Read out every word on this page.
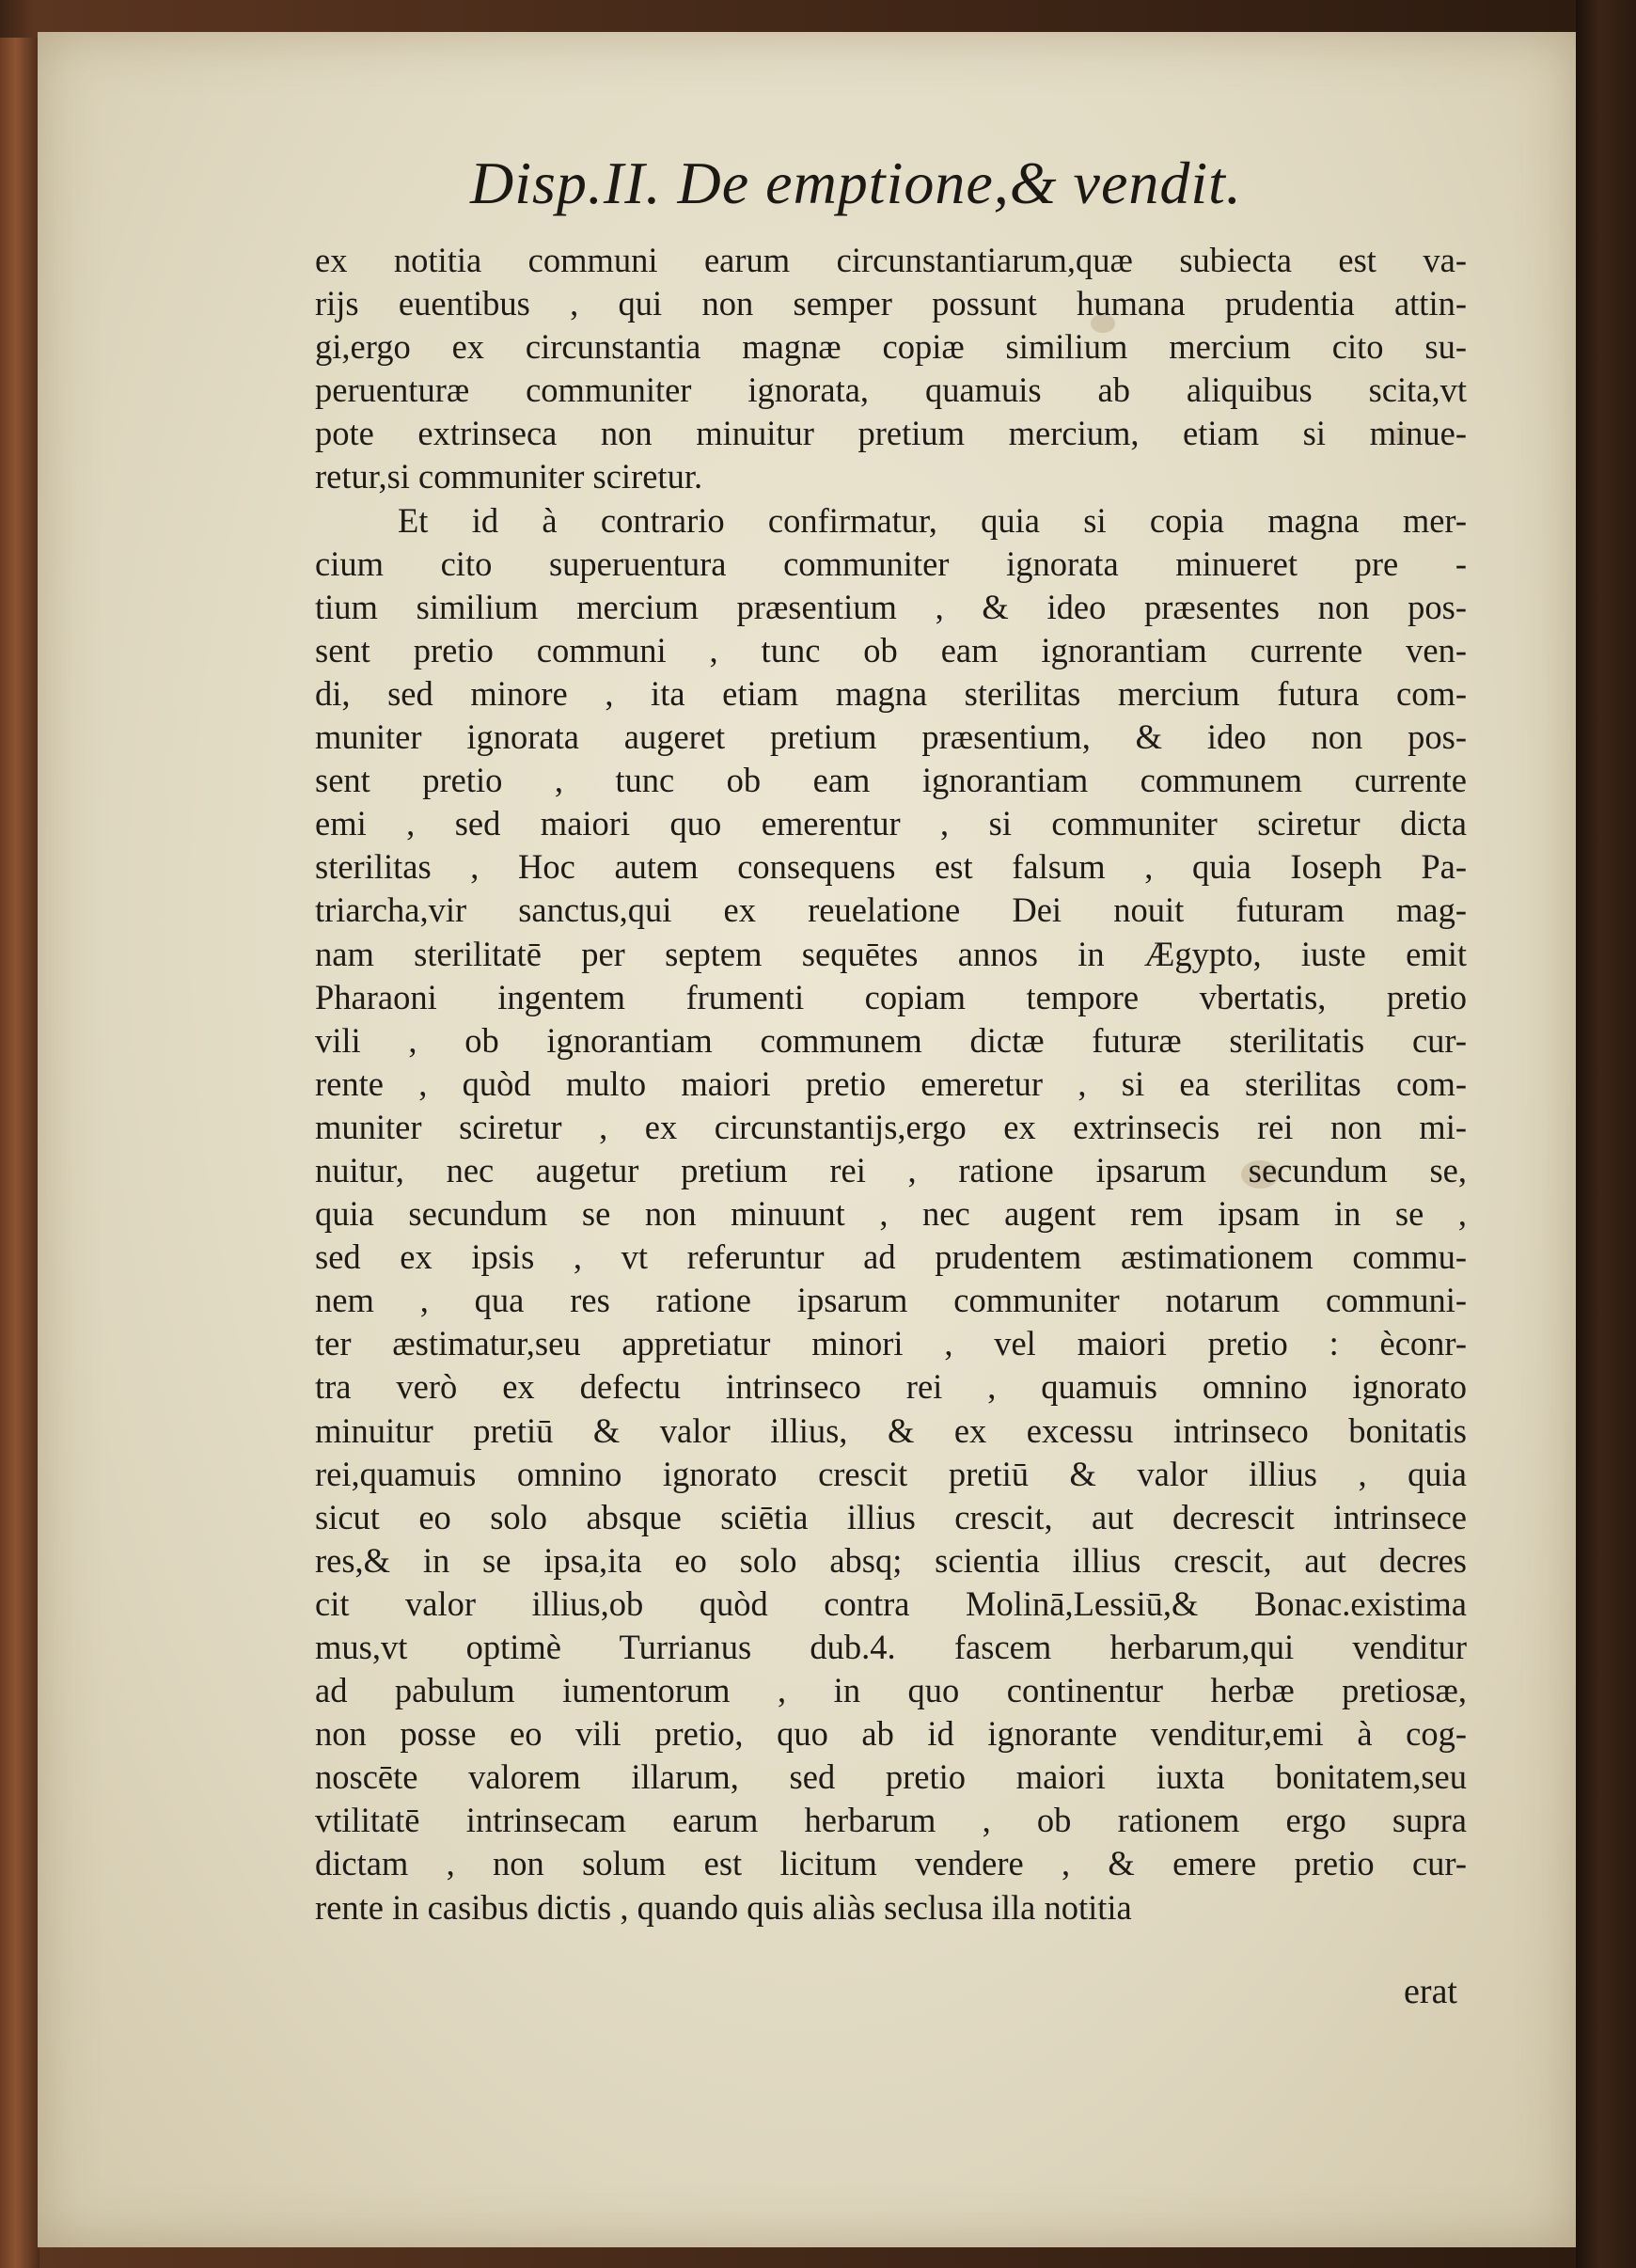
Disp.II. De emptione,& vendit.
ex notitia communi earum circunstantiarum,quæ subiecta est va-
rijs euentibus , qui non semper possunt humana prudentia attin-
gi,ergo ex circunstantia magnæ copiæ similium mercium cito su-
peruenturæ communiter ignorata, quamuis ab aliquibus scita,vt
pote extrinseca non minuitur pretium mercium, etiam si minue-
retur,si communiter sciretur.
Et id à contrario confirmatur, quia si copia magna mer-
cium cito superuentura communiter ignorata minueret pre -
tium similium mercium præsentium , & ideo præsentes non pos-
sent pretio communi , tunc ob eam ignorantiam currente ven-
di, sed minore , ita etiam magna sterilitas mercium futura com-
muniter ignorata augeret pretium præsentium, & ideo non pos-
sent pretio , tunc ob eam ignorantiam communem currente
emi , sed maiori quo emerentur , si communiter sciretur dicta
sterilitas , Hoc autem consequens est falsum , quia Ioseph Pa-
triarcha,vir sanctus,qui ex reuelatione Dei nouit futuram mag-
nam sterilitatē per septem sequētes annos in Ægypto, iuste emit
Pharaoni ingentem frumenti copiam tempore vbertatis, pretio
vili , ob ignorantiam communem dictæ futuræ sterilitatis cur-
rente , quòd multo maiori pretio emeretur , si ea sterilitas com-
muniter sciretur , ex circunstantijs,ergo ex extrinsecis rei non mi-
nuitur, nec augetur pretium rei , ratione ipsarum secundum se,
quia secundum se non minuunt , nec augent rem ipsam in se ,
sed ex ipsis , vt referuntur ad prudentem æstimationem commu-
nem , qua res ratione ipsarum communiter notarum communi-
ter æstimatur,seu appretiatur minori , vel maiori pretio : èconr-
tra verò ex defectu intrinseco rei , quamuis omnino ignorato
minuitur pretiū & valor illius, & ex excessu intrinseco bonitatis
rei,quamuis omnino ignorato crescit pretiū & valor illius , quia
sicut eo solo absque sciētia illius crescit, aut decrescit intrinsece
res,& in se ipsa,ita eo solo absq; scientia illius crescit, aut decres
cit valor illius,ob quòd contra Molinā,Lessiū,& Bonac.existima
mus,vt optimè Turrianus dub.4. fascem herbarum,qui venditur
ad pabulum iumentorum , in quo continentur herbæ pretiosæ,
non posse eo vili pretio, quo ab id ignorante venditur,emi à cog-
noscēte valorem illarum, sed pretio maiori iuxta bonitatem,seu
vtilitatē intrinsecam earum herbarum , ob rationem ergo supra
dictam , non solum est licitum vendere , & emere pretio cur-
rente in casibus dictis , quando quis aliàs seclusa illa notitia
erat
